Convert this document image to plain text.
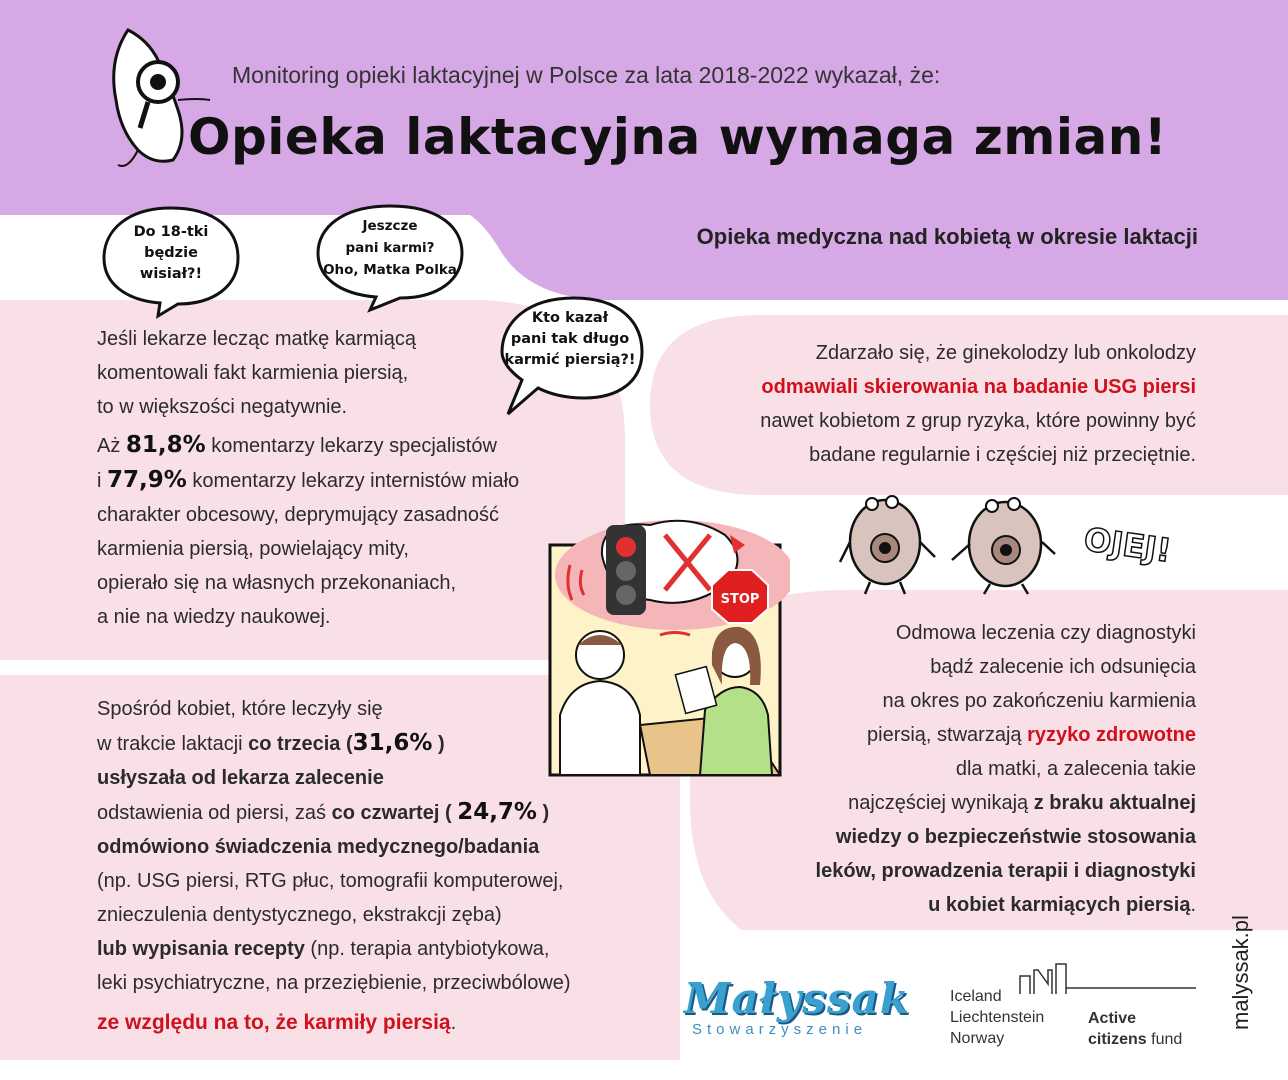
Monitoring opieki laktacyjnej w Polsce za lata 2018-2022 wykazał, że:
Opieka laktacyjna wymaga zmian!
Opieka medyczna nad kobietą w okresie laktacji
Do 18-tki
będzie
wisiał?!
Jeszcze
pani karmi?
Oho, Matka Polka
Kto kazał
pani tak długo
karmić piersią?!
Jeśli lekarze lecząc matkę karmiącą
komentowali fakt karmienia piersią,
to w większości negatywnie.
Aż 81,8% komentarzy lekarzy specjalistów
i 77,9% komentarzy lekarzy internistów miało
charakter obcesowy, deprymujący zasadność
karmienia piersią, powielający mity,
opierało się na własnych przekonaniach,
a nie na wiedzy naukowej.
Zdarzało się, że ginekolodzy lub onkolodzy
odmawiali skierowania na badanie USG piersi
nawet kobietom z grup ryzyka, które powinny być
badane regularnie i częściej niż przeciętnie.
STOP
OJEJ!
Odmowa leczenia czy diagnostyki
bądź zalecenie ich odsunięcia
na okres po zakończeniu karmienia
piersią, stwarzają ryzyko zdrowotne
dla matki, a zalecenia takie
najczęściej wynikają z braku aktualnej
wiedzy o bezpieczeństwie stosowania
leków, prowadzenia terapii i diagnostyki
u kobiet karmiących piersią.
Spośród kobiet, które leczyły się
w trakcie laktacji co trzecia (31,6% )
usłyszała od lekarza zalecenie
odstawienia od piersi, zaś co czwartej ( 24,7% )
odmówiono świadczenia medycznego/badania
(np. USG piersi, RTG płuc, tomografii komputerowej,
znieczulenia dentystycznego, ekstrakcji zęba)
lub wypisania recepty (np. terapia antybiotykowa,
leki psychiatryczne, na przeziębienie, przeciwbólowe)
ze względu na to, że karmiły piersią.	Małyssak
Stowarzyszenie
Iceland
Liechtenstein
Norway
Active
citizens fund
malyssak.pl
